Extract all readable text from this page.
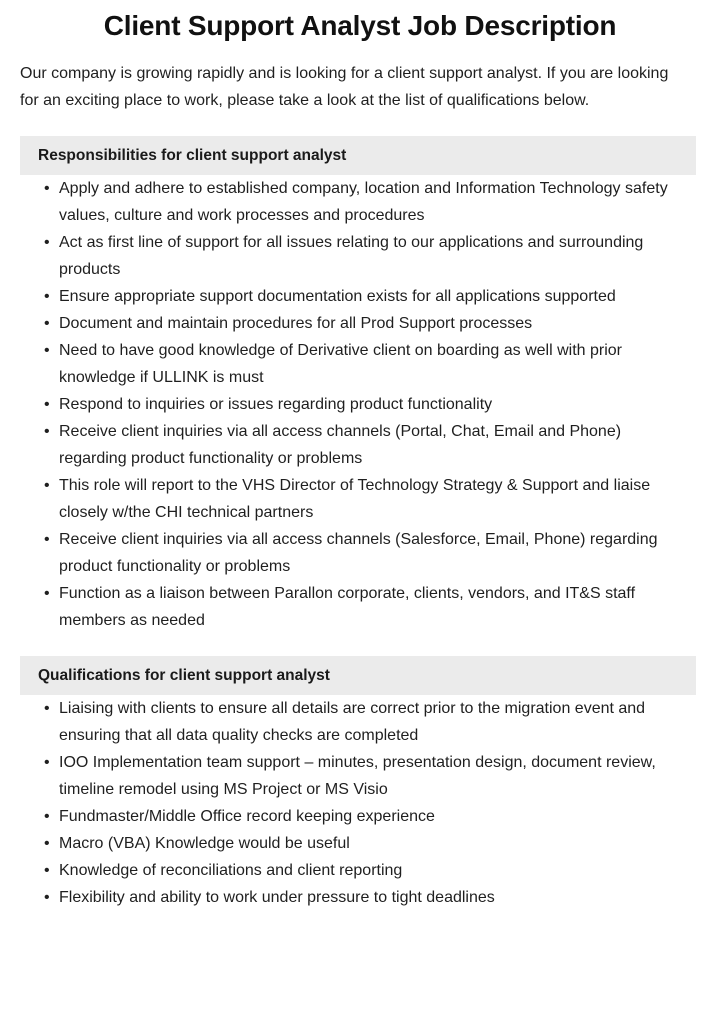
Client Support Analyst Job Description

Our company is growing rapidly and is looking for a client support analyst. If you are looking for an exciting place to work, please take a look at the list of qualifications below.

Responsibilities for client support analyst
• Apply and adhere to established company, location and Information Technology safety values, culture and work processes and procedures
• Act as first line of support for all issues relating to our applications and surrounding products
• Ensure appropriate support documentation exists for all applications supported
• Document and maintain procedures for all Prod Support processes
• Need to have good knowledge of Derivative client on boarding as well with prior knowledge if ULLINK is must
• Respond to inquiries or issues regarding product functionality
• Receive client inquiries via all access channels (Portal, Chat, Email and Phone) regarding product functionality or problems
• This role will report to the VHS Director of Technology Strategy & Support and liaise closely w/the CHI technical partners
• Receive client inquiries via all access channels (Salesforce, Email, Phone) regarding product functionality or problems
• Function as a liaison between Parallon corporate, clients, vendors, and IT&S staff members as needed
Qualifications for client support analyst
• Liaising with clients to ensure all details are correct prior to the migration event and ensuring that all data quality checks are completed
• IOO Implementation team support – minutes, presentation design, document review, timeline remodel using MS Project or MS Visio
• Fundmaster/Middle Office record keeping experience
• Macro (VBA) Knowledge would be useful
• Knowledge of reconciliations and client reporting
• Flexibility and ability to work under pressure to tight deadlines
